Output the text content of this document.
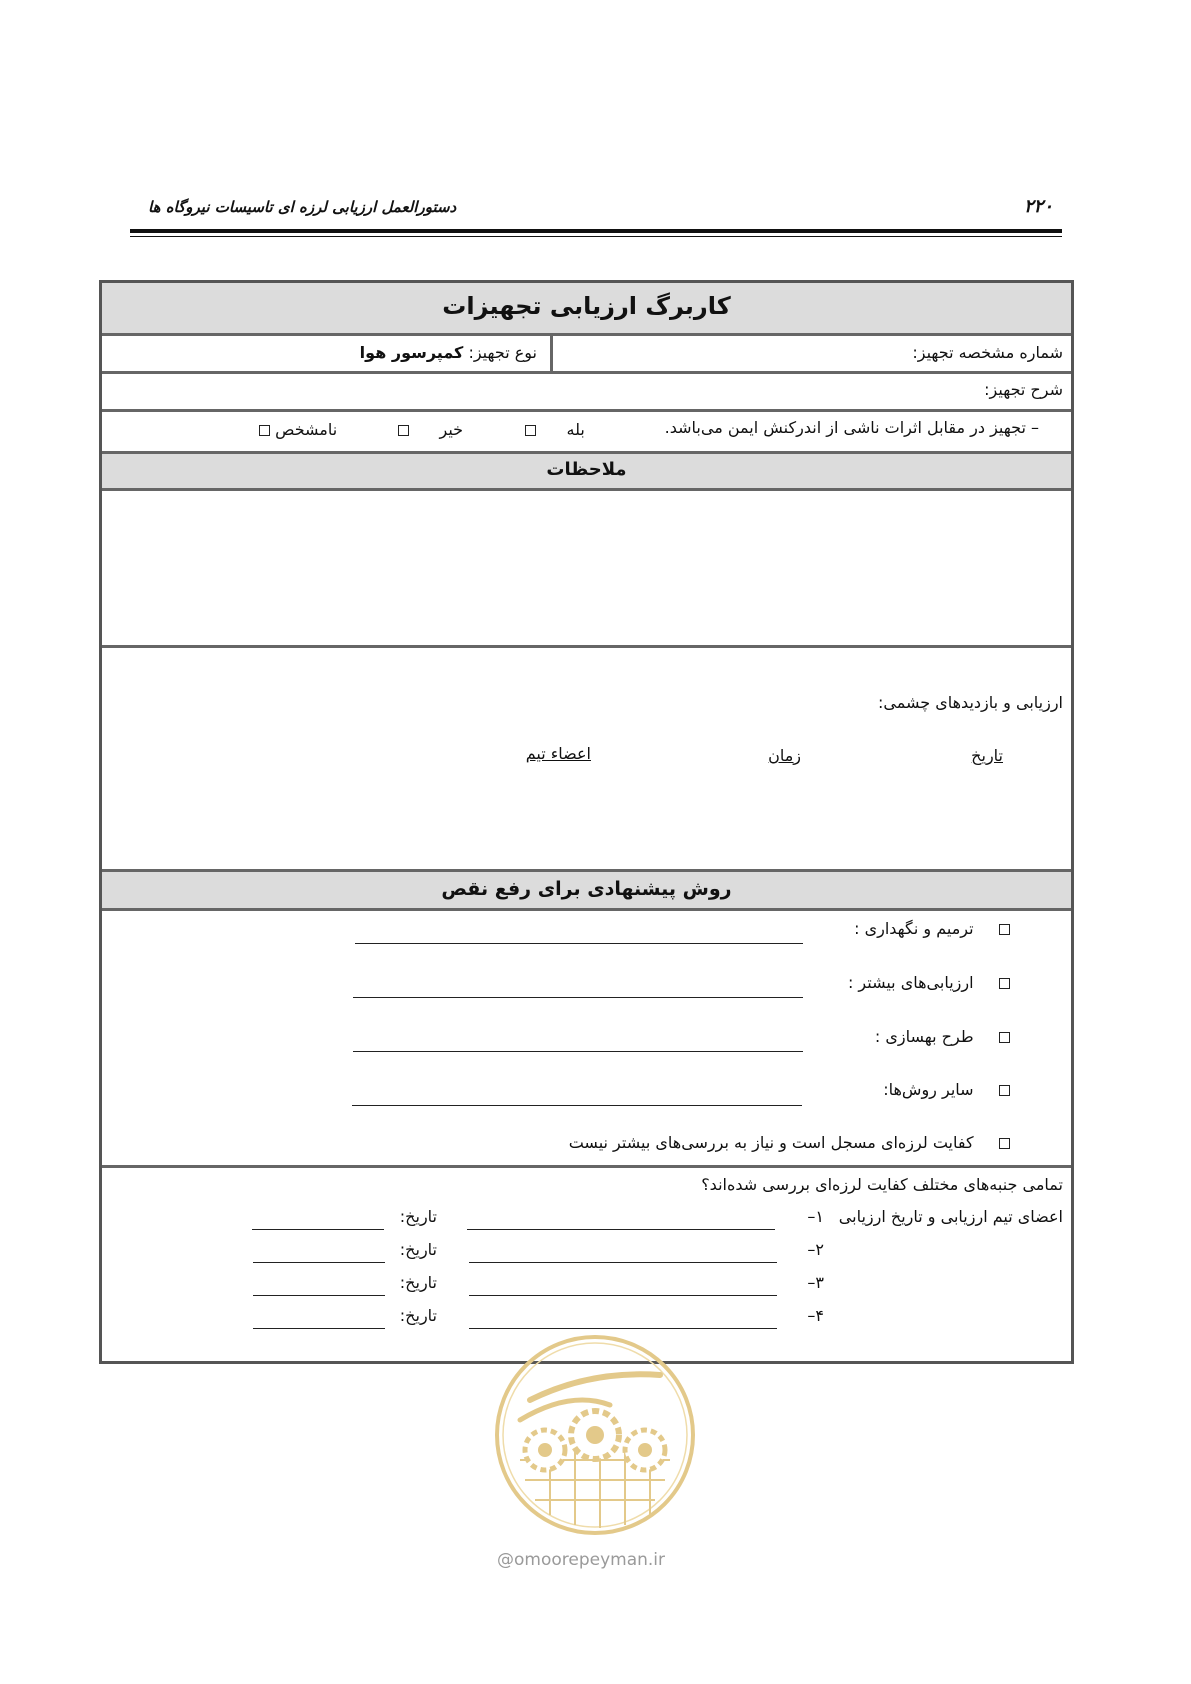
۲۲۰
دستورالعمل ارزیابی لرزه ای تاسیسات نیروگاه ها
کاربرگ ارزیابی تجهیزات
شماره مشخصه تجهیز:
نوع تجهیز: کمپرسور هوا
شرح تجهیز:
– تجهیز در مقابل اثرات ناشی از اندرکنش ایمن می‌باشد.
بله
خیر
نامشخص
ملاحظات
ارزیابی و بازدیدهای چشمی:
تاریخ
زمان
اعضاء تیم
روش پیشنهادی برای رفع نقص
ترمیم و نگهداری :
ارزیابی‌های بیشتر :
طرح بهسازی :
سایر روش‌ها:
کفایت لرزه‌ای مسجل است و نیاز به بررسی‌های بیشتر نیست
تمامی جنبه‌های مختلف کفایت لرزه‌ای بررسی شده‌اند؟
اعضای تیم ارزیابی و تاریخ ارزیابی
۱–
تاریخ:
۲–
تاریخ:
۳–
تاریخ:
۴–
تاریخ:
@omoorepeyman.ir
